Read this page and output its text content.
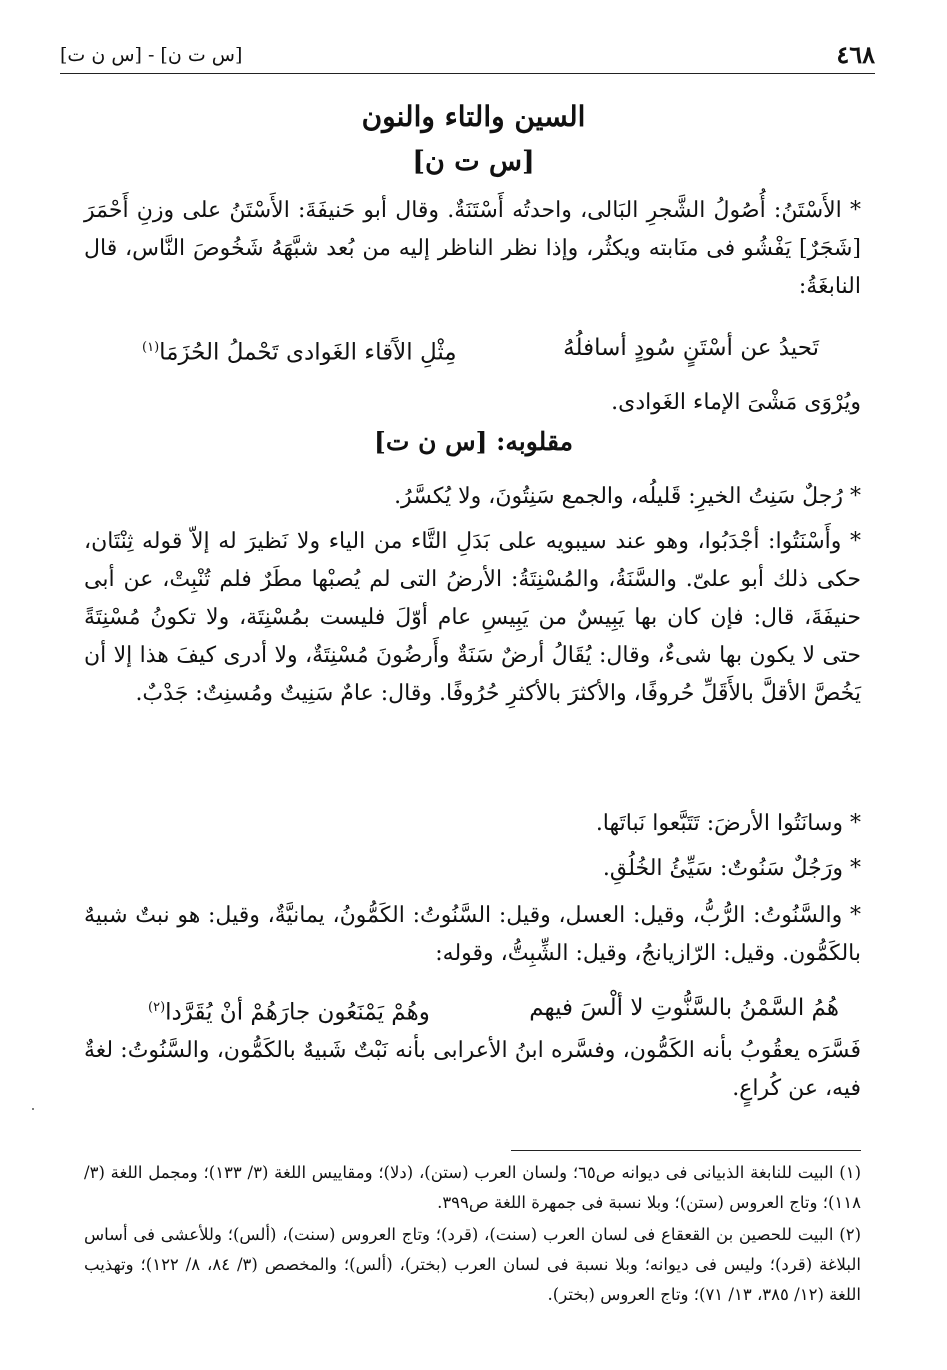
٤٦٨
[س ت ن] - [س ن ت]
السين والتاء والنون
[س ت ن]

* الأَسْتَنُ: أُصُولُ الشَّجرِ البَالى، واحدتُه أَسْتَنَةٌ. وقال أبو حَنيفَةَ: الأَسْتَنُ على وزنِ أَحْمَرَ [شَجَرٌ] يَفْشُو فى منَابته ويكثُر، وإذا نظر الناظر إليه من بُعد شبَّهَهُ شَخُوصَ النَّاس، قال النابغَةُ:

تَحيدُ عن أسْتَنٍ سُودٍ أسافلُهُ
مِثْلِ الآَقاء الغَوادى تَحْملُ الحُزَمَا$^{(١)}$

ويُرْوَى مَشْىَ الإماء الغَوادى.

مقلوبه: [س ن ت]

* رُجلٌ سَنِتُ الخيرِ: قَليلُه، والجمع سَنِتُونَ، ولا يُكسَّرُ.

* وأَسْنَتُوا: أجْدَبُوا، وهو عند سيبويه على بَدَلِ التَّاء من الياء ولا نَظيرَ له إلاّ قوله ثِنْتَان، حكى ذلك أبو علىّ. والسَّنَةُ، والمُسْنِتَةُ: الأرضُ التى لم يُصبْها مطَرٌ فلم تُنْبِتْ، عن أبى حنيفَةَ، قال: فإن كان بها يَبِيسٌ من يَبِيسِ عام أوّلَ فليست بمُسْنِتَة، ولا تكونُ مُسْنِتَةً حتى لا يكون بها شىءٌ، وقال: يُقَالُ أرضٌ سَنَةٌ وأَرضُونَ مُسْنِتَةٌ، ولا أدرى كيفَ هذا إلا أن يَخُصَّ الأقلَّ بالأَقَلِّ حُروفًا، والأكثرَ بالأكثرِ حُرُوفًا. وقال: عامٌ سَنِيتٌ ومُسنِتٌ: جَدْبٌ.

* وسانَتُوا الأرضَ: تَتَبَّعوا نَباتَها.

* ورَجُلٌ سَنُوتٌ: سَيِّئُ الخُلُقِ.

* والسَّنُوتُ: الرُّبُّ، وقيل: العسل، وقيل: السَّنُوتُ: الكَمُّونُ، يمانيَّةٌ، وقيل: هو نبتٌ شبيهٌ بالكَمُّون. وقيل: الرّازيانجُ، وقيل: الشِّبِتُّ، وقوله:

هُمُ السَّمْنُ بالسَّنُّوتِ لا ألْسَ فيهم
وهُمْ يَمْنَعُون جارَهُمْ أنْ يُقَرَّدا$^{(٢)}$

فَسَّرَه يعقُوبُ بأنه الكَمُّون، وفسَّره ابنُ الأعرابى بأنه نَبْتٌ شَبيهٌ بالكَمُّون، والسَّنُوتُ: لغةٌ فيه، عن كُراعٍ.

(١) البيت للنابغة الذبيانى فى ديوانه ص٦٥؛ ولسان العرب (ستن)، (دلا)؛ ومقاييس اللغة (٣/ ١٣٣)؛ ومجمل اللغة (٣/ ١١٨)؛ وتاج العروس (ستن)؛ وبلا نسبة فى جمهرة اللغة ص٣٩٩.

(٢) البيت للحصين بن القعقاع فى لسان العرب (سنت)، (قرد)؛ وتاج العروس (سنت)، (ألس)؛ وللأعشى فى أساس البلاغة (قرد)؛ وليس فى ديوانه؛ وبلا نسبة فى لسان العرب (بختر)، (ألس)؛ والمخصص (٣/ ٨٤، ٨/ ١٢٢)؛ وتهذيب اللغة (١٢/ ٣٨٥، ١٣/ ٧١)؛ وتاج العروس (بختر).
